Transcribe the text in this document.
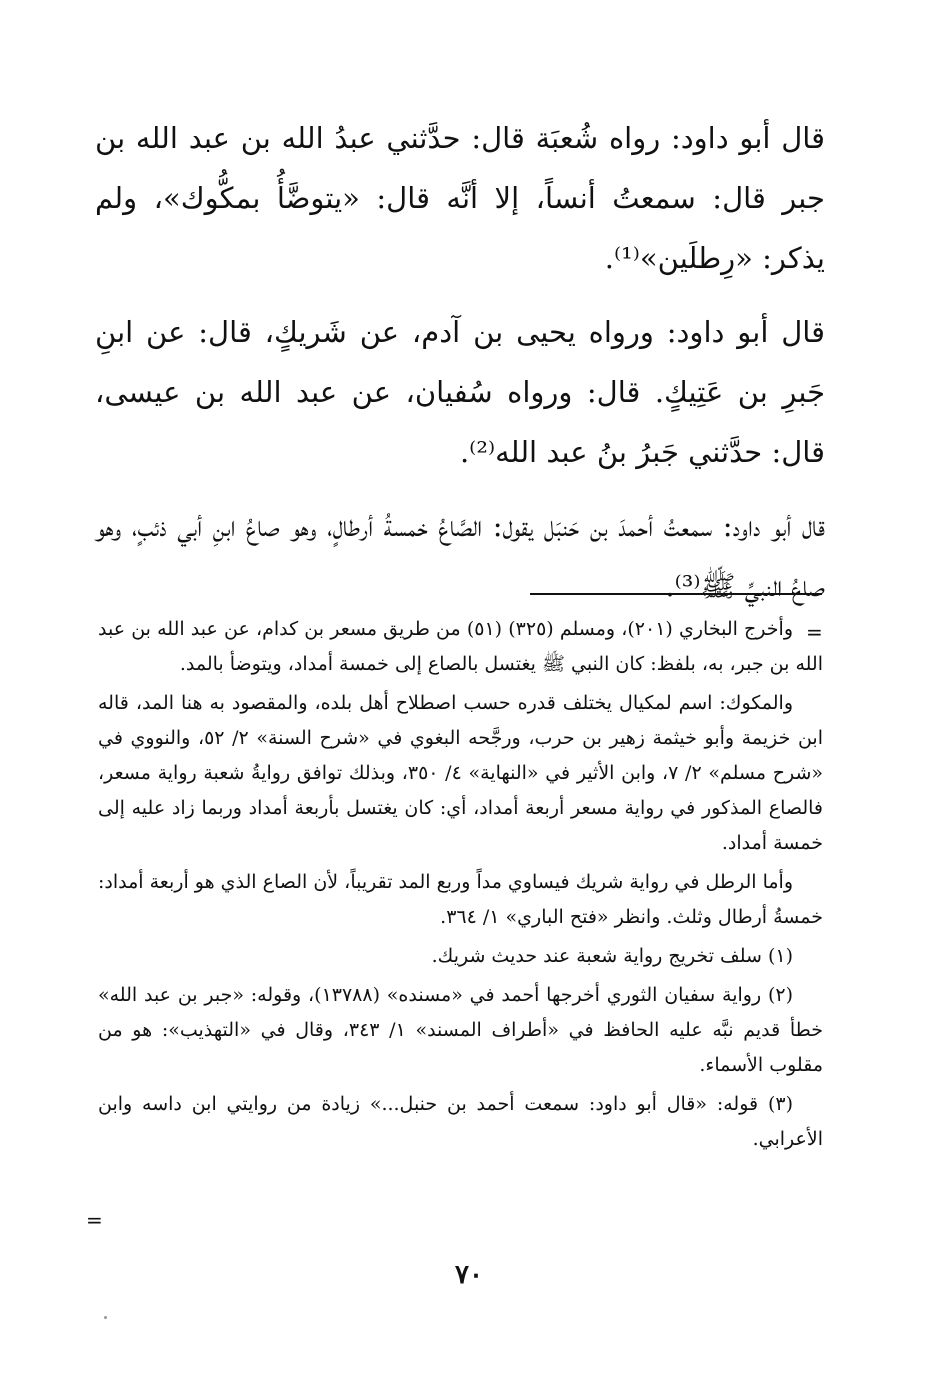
قال أبو داود: رواه شُعبَة قال: حدَّثني عبدُ الله بن عبد الله بن جبر قال: سمعتُ أنساً، إلا أنَّه قال: «يتوضَّأُ بمكُّوك»، ولم يذكر: «رِطلَين»⁽¹⁾.

قال أبو داود: ورواه يحيى بن آدم، عن شَريكٍ، قال: عن ابنِ جَبرِ بن عَتِيكٍ. قال: ورواه سُفيان، عن عبد الله بن عيسى، قال: حدَّثني جَبرُ بنُ عبد الله⁽²⁾.

قال أبو داود: سمعتُ أحمدَ بن حَنبَل يقول: الصَّاعُ خمسةُ أرطالٍ، وهو صاعُ ابنِ أبي ذئبٍ، وهو صاعُ النبيِّ ﷺ⁽³⁾.

=

وأخرج البخاري (٢٠١)، ومسلم (٣٢٥) (٥١) من طريق مسعر بن كدام، عن عبد الله بن عبد الله بن جبر، به، بلفظ: كان النبي ﷺ يغتسل بالصاع إلى خمسة أمداد، ويتوضأ بالمد.

والمكوك: اسم لمكيال يختلف قدره حسب اصطلاح أهل بلده، والمقصود به هنا المد، قاله ابن خزيمة وأبو خيثمة زهير بن حرب، ورجَّحه البغوي في «شرح السنة» ٢/ ٥٢، والنووي في «شرح مسلم» ٢/ ٧، وابن الأثير في «النهاية» ٤/ ٣٥٠، وبذلك توافق روايةُ شعبة رواية مسعر، فالصاع المذكور في رواية مسعر أربعة أمداد، أي: كان يغتسل بأربعة أمداد وربما زاد عليه إلى خمسة أمداد.

وأما الرطل في رواية شريك فيساوي مداً وربع المد تقريباً، لأن الصاع الذي هو أربعة أمداد: خمسةُ أرطال وثلث. وانظر «فتح الباري» ١/ ٣٦٤.

(١) سلف تخريج رواية شعبة عند حديث شريك.

(٢) رواية سفيان الثوري أخرجها أحمد في «مسنده» (١٣٧٨٨)، وقوله: «جبر بن عبد الله» خطأ قديم نبَّه عليه الحافظ في «أطراف المسند» ١/ ٣٤٣، وقال في «التهذيب»: هو من مقلوب الأسماء.

(٣) قوله: «قال أبو داود: سمعت أحمد بن حنبل...» زيادة من روايتي ابن داسه وابن الأعرابي.

=
٧٠
